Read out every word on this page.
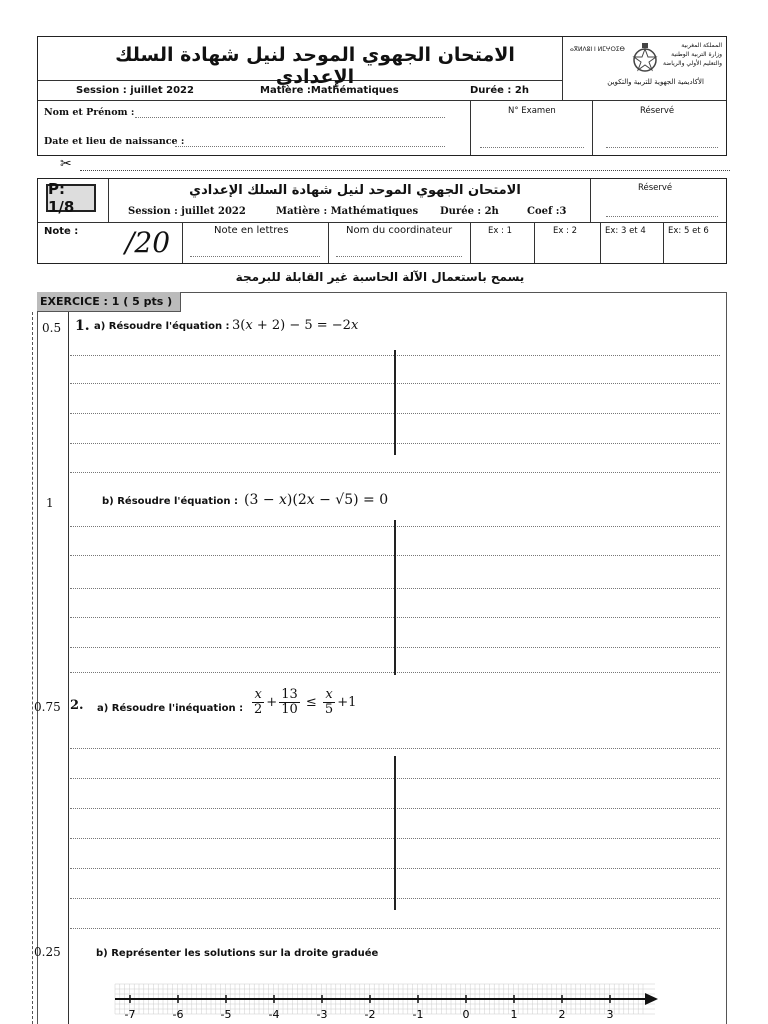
الامتحان الجهوي الموحد لنيل شهادة السلك الإعدادي
المملكة المغربية
وزارة التربية الوطنية
والتعليم الأولي والرياضة
الأكاديمية الجهوية للتربية والتكوين
ⴰⴳⵍⴷⵓⵏ ⵏ ⵍⵎⵖⵔⵉⴱ
Session : juillet 2022	Matière :Mathématiques	Durée : 2h
Nom et Prénom :
Date et lieu de naissance :
N° Examen	Réservé
✂
P: 1/8
الامتحان الجهوي الموحد لنيل شهادة السلك الإعدادي
Session : juillet 2022	Matière : Mathématiques Durée : 2h	Coef :3
Réservé
Note : /20	Note en lettres	Nom du coordinateur	Ex : 1	Ex : 2	Ex: 3 et 4	Ex: 5 et 6
يسمح باستعمال الآلة الحاسبة غير القابلة للبرمجة
EXERCICE : 1 ( 5 pts )
0.5 1. a) Résoudre l'équation : 3(x + 2) − 5 = −2x
1	b) Résoudre l'équation : (3 − x)(2x − √5) = 0
0.75 2. a) Résoudre l'inéquation : $\frac{x}{2} + \frac{13}{10} \le \frac{x}{5} +1$
0.25	b) Représenter les solutions sur la droite graduée
-7	-6	-5	-4	-3	-2	-1	0	1	2	3
